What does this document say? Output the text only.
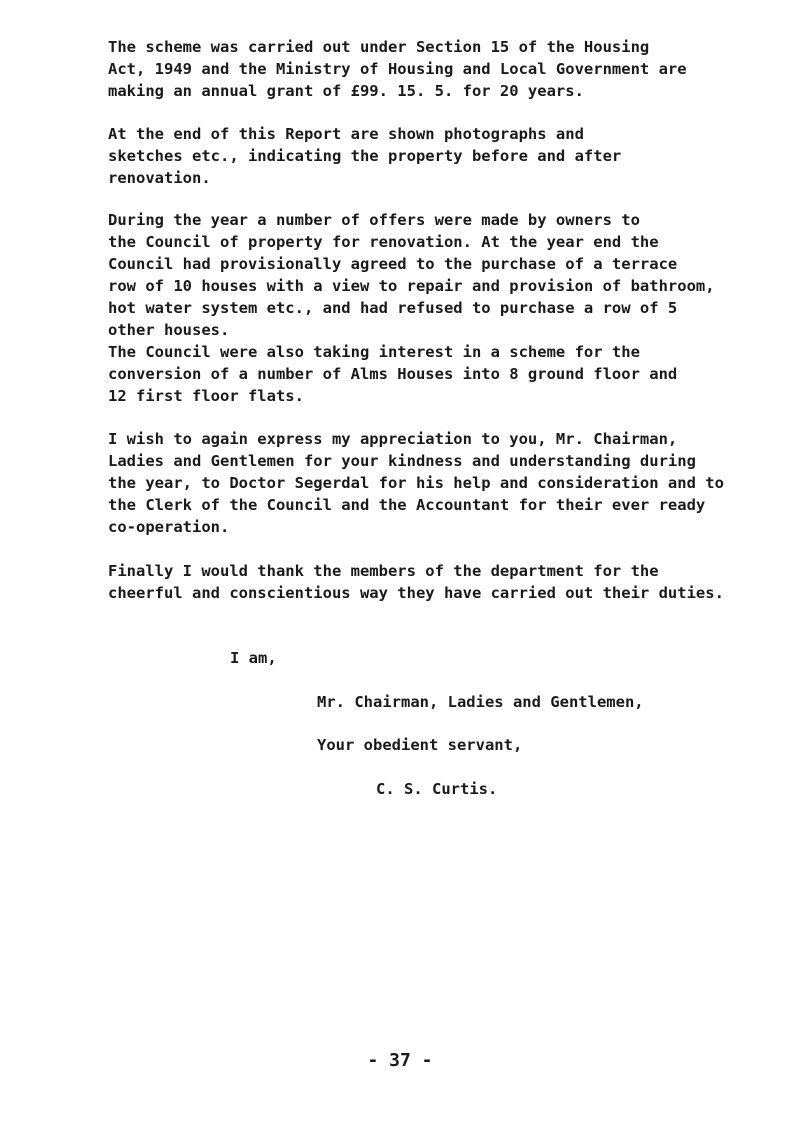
The scheme was carried out under Section 15 of the Housing
Act, 1949 and the Ministry of Housing and Local Government are
making an annual grant of £99. 15. 5. for 20 years.

At the end of this Report are shown photographs and
sketches etc., indicating the property before and after
renovation.

During the year a number of offers were made by owners to
the Council of property for renovation. At the year end the
Council had provisionally agreed to the purchase of a terrace
row of 10 houses with a view to repair and provision of bathroom,
hot water system etc., and had refused to purchase a row of 5
other houses.

The Council were also taking interest in a scheme for the
conversion of a number of Alms Houses into 8 ground floor and
12 first floor flats.

I wish to again express my appreciation to you, Mr. Chairman,
Ladies and Gentlemen for your kindness and understanding during
the year, to Doctor Segerdal for his help and consideration and to
the Clerk of the Council and the Accountant for their ever ready
co-operation.

Finally I would thank the members of the department for the
cheerful and conscientious way they have carried out their duties.

I am,

Mr. Chairman, Ladies and Gentlemen,

Your obedient servant,

C. S. Curtis.

- 37 -
